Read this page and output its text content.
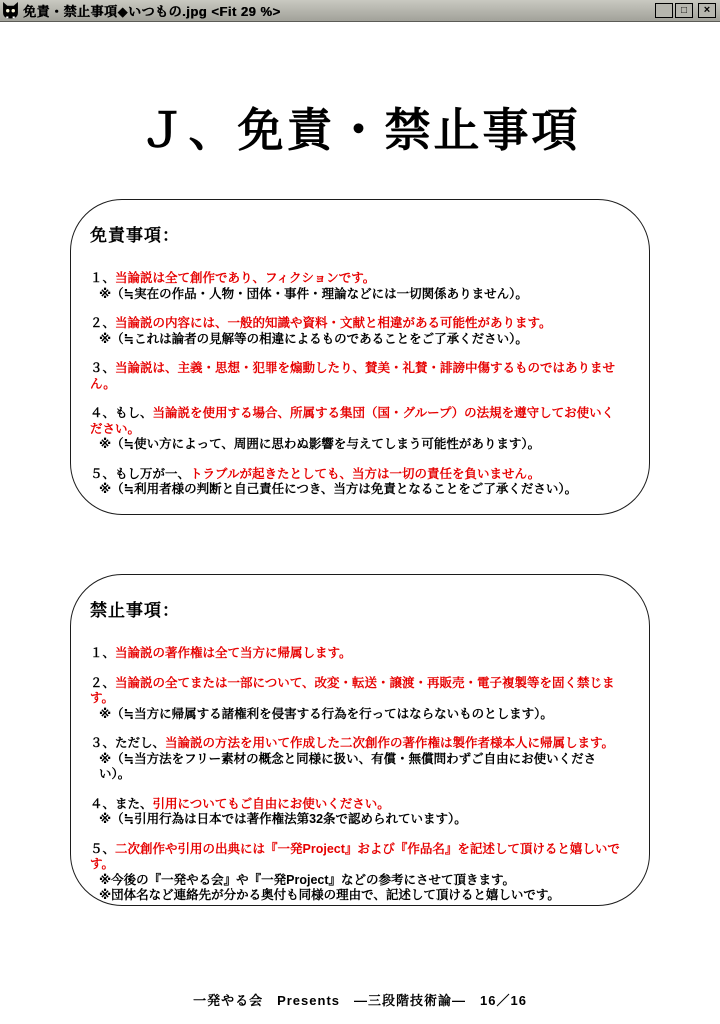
免責・禁止事項◆いつもの.jpg <Fit 29 %>	_ □ ×
Ｊ、免責・禁止事項
免責事項：
１、当論説は全て創作であり、フィクションです。
※（≒実在の作品・人物・団体・事件・理論などには一切関係ありません）。
２、当論説の内容には、一般的知識や資料・文献と相違がある可能性があります。
※（≒これは論者の見解等の相違によるものであることをご了承ください）。
３、当論説は、主義・思想・犯罪を煽動したり、賛美・礼賛・誹謗中傷するものではありません。
４、もし、当論説を使用する場合、所属する集団（国・グループ）の法規を遵守してお使いください。
※（≒使い方によって、周囲に思わぬ影響を与えてしまう可能性があります）。
５、もし万が一、トラブルが起きたとしても、当方は一切の責任を負いません。
※（≒利用者様の判断と自己責任につき、当方は免責となることをご了承ください）。
禁止事項：
１、当論説の著作権は全て当方に帰属します。
２、当論説の全てまたは一部について、改変・転送・譲渡・再販売・電子複製等を固く禁じます。
※（≒当方に帰属する諸権利を侵害する行為を行ってはならないものとします）。
３、ただし、当論説の方法を用いて作成した二次創作の著作権は製作者様本人に帰属します。
※（≒当方法をフリー素材の概念と同様に扱い、有償・無償問わずご自由にお使いください）。
４、また、引用についてもご自由にお使いください。
※（≒引用行為は日本では著作権法第32条で認められています）。
５、二次創作や引用の出典には『一発Project』および『作品名』を記述して頂けると嬉しいです。
※今後の『一発やる会』や『一発Project』などの参考にさせて頂きます。
※団体名など連絡先が分かる奥付も同様の理由で、記述して頂けると嬉しいです。
一発やる会　Presents　―三段階技術論―　16／16
